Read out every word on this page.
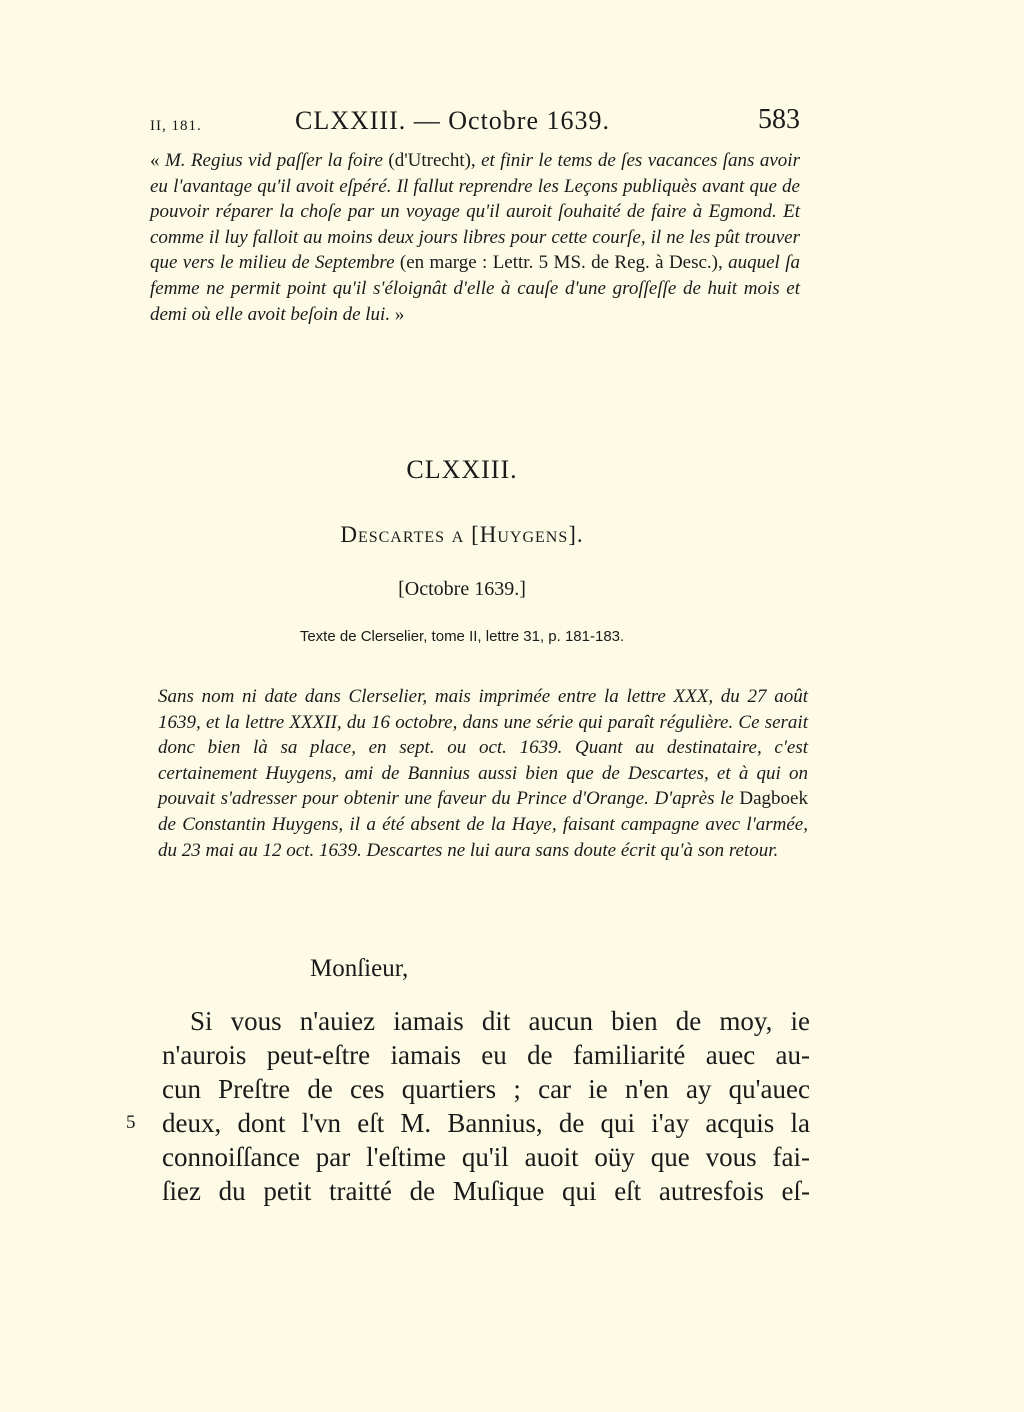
II, 181.	CLXXIII. — Octobre 1639.	583

« M. Regius vid paſſer la foire (d'Utrecht), et finir le tems de ſes vacances ſans avoir eu l'avantage qu'il avoit eſpéré. Il fallut reprendre les Leçons publiquès avant que de pouvoir réparer la choſe par un voyage qu'il auroit ſouhaité de faire à Egmond. Et comme il luy falloit au moins deux jours libres pour cette courſe, il ne les pût trouver que vers le milieu de Septembre (en marge : Lettr. 5 MS. de Reg. à Desc.), auquel ſa femme ne permit point qu'il s'éloignât d'elle à cauſe d'une groſſeſſe de huit mois et demi où elle avoit beſoin de lui. »

CLXXIII.
Descartes a [Huygens].
[Octobre 1639.]
Texte de Clerselier, tome II, lettre 31, p. 181-183.

Sans nom ni date dans Clerselier, mais imprimée entre la lettre XXX, du 27 août 1639, et la lettre XXXII, du 16 octobre, dans une série qui paraît régulière. Ce serait donc bien là sa place, en sept. ou oct. 1639. Quant au destinataire, c'est certainement Huygens, ami de Bannius aussi bien que de Descartes, et à qui on pouvait s'adresser pour obtenir une faveur du Prince d'Orange. D'après le Dagboek de Constantin Huygens, il a été absent de la Haye, faisant campagne avec l'armée, du 23 mai au 12 oct. 1639. Descartes ne lui aura sans doute écrit qu'à son retour.

Monſieur,
Si vous n'auiez iamais dit aucun bien de moy, ie
n'aurois peut-eſtre iamais eu de familiarité auec au-
cun Preſtre de ces quartiers ; car ie n'en ay qu'auec
deux, dont l'vn eſt M. Bannius, de qui i'ay acquis la
connoiſſance par l'eſtime qu'il auoit oüy que vous fai-
ſiez du petit traitté de Muſique qui eſt autresfois eſ-
5
